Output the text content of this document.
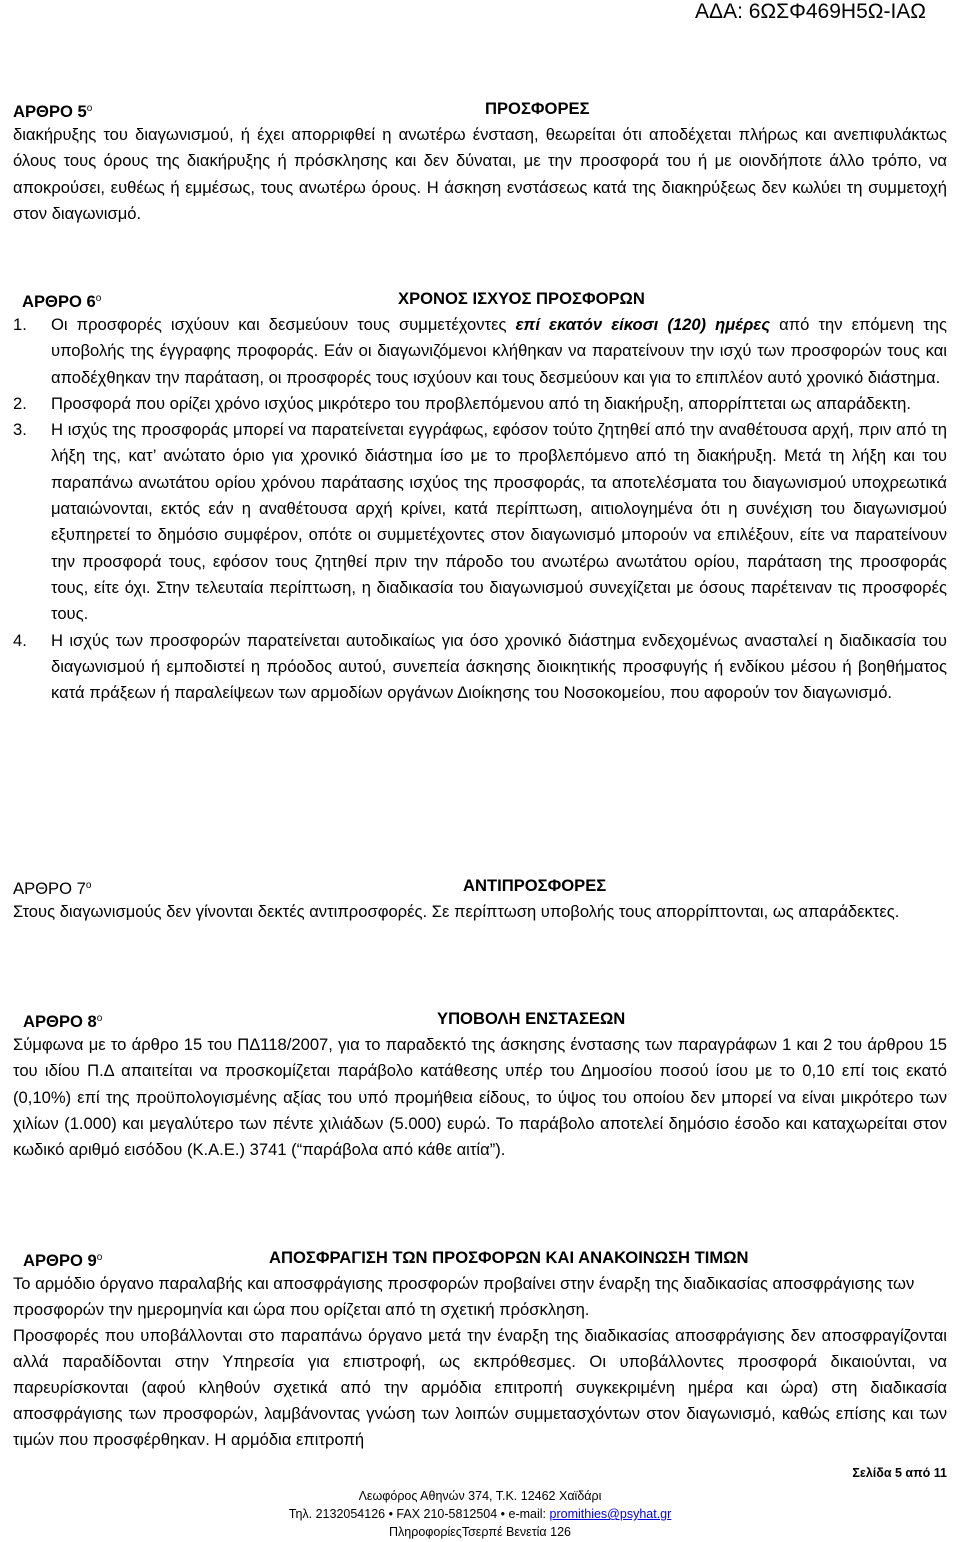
ΑΔΑ: 6ΩΣΦ469Η5Ω-ΙΑΩ
ΑΡΘΡΟ $5^o$	ΠΡΟΣΦΟΡΕΣ

διακήρυξης του διαγωνισμού, ή έχει απορριφθεί η ανωτέρω ένσταση, θεωρείται ότι αποδέχεται πλήρως και ανεπιφυλάκτως όλους τους όρους της διακήρυξης ή πρόσκλησης και δεν δύναται, με την προσφορά του ή με οιονδήποτε άλλο τρόπο, να αποκρούσει, ευθέως ή εμμέσως, τους ανωτέρω όρους. Η άσκηση ενστάσεως κατά της διακηρύξεως δεν κωλύει τη συμμετοχή στον διαγωνισμό.

ΑΡΘΡΟ $6^o$	ΧΡΟΝΟΣ ΙΣΧΥΟΣ ΠΡΟΣΦΟΡΩΝ
1.	Οι προσφορές ισχύουν και δεσμεύουν τους συμμετέχοντες επί εκατόν είκοσι (120) ημέρες από την επόμενη της υποβολής της έγγραφης προφοράς. Εάν οι διαγωνιζόμενοι κλήθηκαν να παρατείνουν την ισχύ των προσφορών τους και αποδέχθηκαν την παράταση, οι προσφορές τους ισχύουν και τους δεσμεύουν και για το επιπλέον αυτό χρονικό διάστημα.
2.	Προσφορά που ορίζει χρόνο ισχύος μικρότερο του προβλεπόμενου από τη διακήρυξη, απορρίπτεται ως απαράδεκτη.
3.	Η ισχύς της προσφοράς μπορεί να παρατείνεται εγγράφως, εφόσον τούτο ζητηθεί από την αναθέτουσα αρχή, πριν από τη λήξη της, κατ’ ανώτατο όριο για χρονικό διάστημα ίσο με το προβλεπόμενο από τη διακήρυξη. Μετά τη λήξη και του παραπάνω ανωτάτου ορίου χρόνου παράτασης ισχύος της προσφοράς, τα αποτελέσματα του διαγωνισμού υποχρεωτικά ματαιώνονται, εκτός εάν η αναθέτουσα αρχή κρίνει, κατά περίπτωση, αιτιολογημένα ότι η συνέχιση του διαγωνισμού εξυπηρετεί το δημόσιο συμφέρον, οπότε οι συμμετέχοντες στον διαγωνισμό μπορούν να επιλέξουν, είτε να παρατείνουν την προσφορά τους, εφόσον τους ζητηθεί πριν την πάροδο του ανωτέρω ανωτάτου ορίου, παράταση της προσφοράς τους, είτε όχι. Στην τελευταία περίπτωση, η διαδικασία του διαγωνισμού συνεχίζεται με όσους παρέτειναν τις προσφορές τους.
4.	Η ισχύς των προσφορών παρατείνεται αυτοδικαίως για όσο χρονικό διάστημα ενδεχομένως ανασταλεί η διαδικασία του διαγωνισμού ή εμποδιστεί η πρόοδος αυτού, συνεπεία άσκησης διοικητικής προσφυγής ή ενδίκου μέσου ή βοηθήματος κατά πράξεων ή παραλείψεων των αρμοδίων οργάνων Διοίκησης του Νοσοκομείου, που αφορούν τον διαγωνισμό.
ΑΡΘΡΟ $7^o$	ΑΝΤΙΠΡΟΣΦΟΡΕΣ

Στους διαγωνισμούς δεν γίνονται δεκτές αντιπροσφορές. Σε περίπτωση υποβολής τους απορρίπτονται, ως απαράδεκτες.

ΑΡΘΡΟ $8^o$	ΥΠΟΒΟΛΗ ΕΝΣΤΑΣΕΩΝ

Σύμφωνα με το άρθρο 15 του ΠΔ118/2007, για το παραδεκτό της άσκησης ένστασης των παραγράφων 1 και 2 του άρθρου 15 του ιδίου Π.Δ απαιτείται να προσκομίζεται παράβολο κατάθεσης υπέρ του Δημοσίου ποσού ίσου με το 0,10 επί τοις εκατό (0,10%) επί της προϋπολογισμένης αξίας του υπό προμήθεια είδους, το ύψος του οποίου δεν μπορεί να είναι μικρότερο των χιλίων (1.000) και μεγαλύτερο των πέντε χιλιάδων (5.000) ευρώ. Το παράβολο αποτελεί δημόσιο έσοδο και καταχωρείται στον κωδικό αριθμό εισόδου (Κ.Α.Ε.) 3741 (“παράβολα από κάθε αιτία”).

ΑΡΘΡΟ $9^o$	ΑΠΟΣΦΡΑΓΙΣΗ ΤΩΝ ΠΡΟΣΦΟΡΩΝ ΚΑΙ ΑΝΑΚΟΙΝΩΣΗ ΤΙΜΩΝ

Το αρμόδιο όργανο παραλαβής και αποσφράγισης προσφορών προβαίνει στην έναρξη της διαδικασίας αποσφράγισης των προσφορών την ημερομηνία και ώρα που ορίζεται από τη σχετική πρόσκληση.

Προσφορές που υποβάλλονται στο παραπάνω όργανο μετά την έναρξη της διαδικασίας αποσφράγισης δεν αποσφραγίζονται αλλά παραδίδονται στην Υπηρεσία για επιστροφή, ως εκπρόθεσμες. Οι υποβάλλοντες προσφορά δικαιούνται, να παρευρίσκονται (αφού κληθούν σχετικά από την αρμόδια επιτροπή συγκεκριμένη ημέρα και ώρα) στη διαδικασία αποσφράγισης των προσφορών, λαμβάνοντας γνώση των λοιπών συμμετασχόντων στον διαγωνισμό, καθώς επίσης και των τιμών που προσφέρθηκαν. Η αρμόδια επιτροπή

Σελίδα 5 από 11
Λεωφόρος Αθηνών 374, Τ.Κ. 12462 Χαϊδάρι
Τηλ. 2132054126 • FAX 210-5812504 • e-mail: promithies@psyhat.gr
ΠληροφορίεςΤσερπέ Βενετία 126
